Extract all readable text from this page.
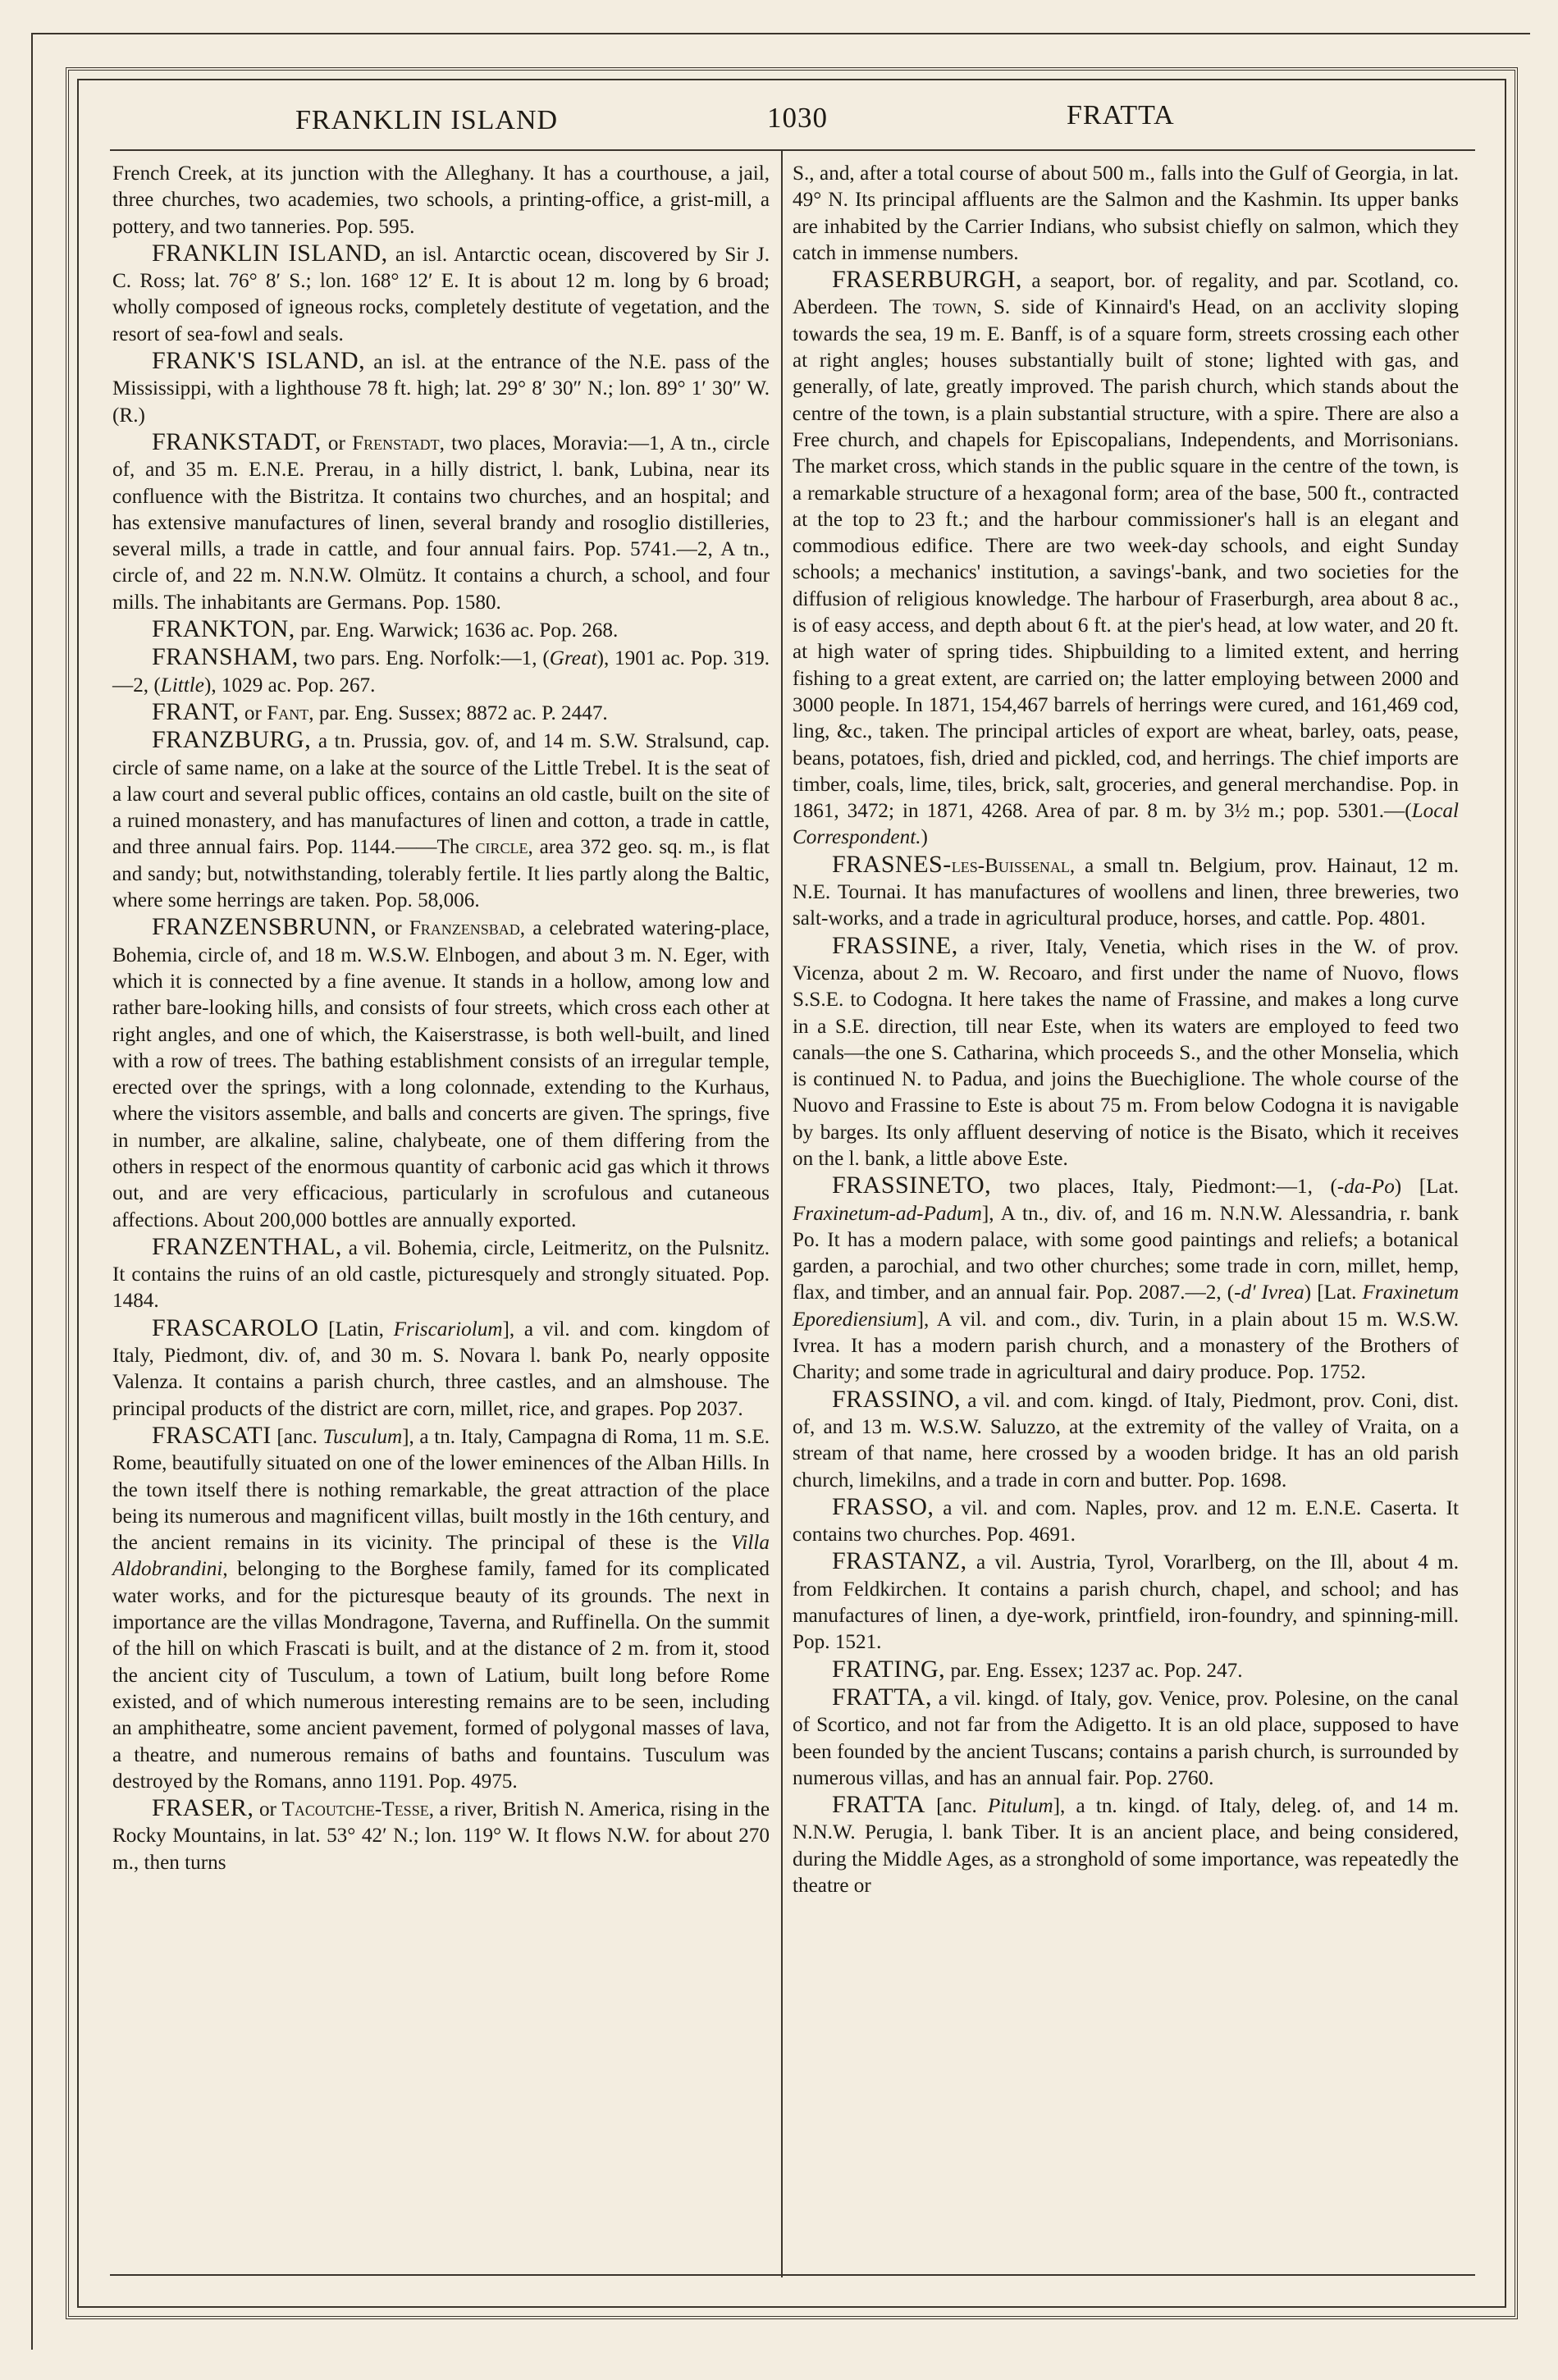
FRANKLIN ISLAND	1030	FRATTA

French Creek, at its junction with the Alleghany. It has a courthouse, a jail, three churches, two academies, two schools, a printing-office, a grist-mill, a pottery, and two tanneries. Pop. 595.

FRANKLIN ISLAND, an isl. Antarctic ocean, discovered by Sir J. C. Ross; lat. 76° 8′ S.; lon. 168° 12′ E. It is about 12 m. long by 6 broad; wholly composed of igneous rocks, completely destitute of vegetation, and the resort of sea-fowl and seals.

FRANK'S ISLAND, an isl. at the entrance of the N.E. pass of the Mississippi, with a lighthouse 78 ft. high; lat. 29° 8′ 30″ N.; lon. 89° 1′ 30″ W. (R.)

FRANKSTADT, or Frenstadt, two places, Moravia:—1, A tn., circle of, and 35 m. E.N.E. Prerau, in a hilly district, l. bank, Lubina, near its confluence with the Bistritza. It contains two churches, and an hospital; and has extensive manufactures of linen, several brandy and rosoglio distilleries, several mills, a trade in cattle, and four annual fairs. Pop. 5741.—2, A tn., circle of, and 22 m. N.N.W. Olmütz. It contains a church, a school, and four mills. The inhabitants are Germans. Pop. 1580.

FRANKTON, par. Eng. Warwick; 1636 ac. Pop. 268.

FRANSHAM, two pars. Eng. Norfolk:—1, (Great), 1901 ac. Pop. 319.—2, (Little), 1029 ac. Pop. 267.

FRANT, or Fant, par. Eng. Sussex; 8872 ac. P. 2447.

FRANZBURG, a tn. Prussia, gov. of, and 14 m. S.W. Stralsund, cap. circle of same name, on a lake at the source of the Little Trebel. It is the seat of a law court and several public offices, contains an old castle, built on the site of a ruined monastery, and has manufactures of linen and cotton, a trade in cattle, and three annual fairs. Pop. 1144.——The circle, area 372 geo. sq. m., is flat and sandy; but, notwithstanding, tolerably fertile. It lies partly along the Baltic, where some herrings are taken. Pop. 58,006.

FRANZENSBRUNN, or Franzensbad, a celebrated watering-place, Bohemia, circle of, and 18 m. W.S.W. Elnbogen, and about 3 m. N. Eger, with which it is connected by a fine avenue. It stands in a hollow, among low and rather bare-looking hills, and consists of four streets, which cross each other at right angles, and one of which, the Kaiserstrasse, is both well-built, and lined with a row of trees. The bathing establishment consists of an irregular temple, erected over the springs, with a long colonnade, extending to the Kurhaus, where the visitors assemble, and balls and concerts are given. The springs, five in number, are alkaline, saline, chalybeate, one of them differing from the others in respect of the enormous quantity of carbonic acid gas which it throws out, and are very efficacious, particularly in scrofulous and cutaneous affections. About 200,000 bottles are annually exported.

FRANZENTHAL, a vil. Bohemia, circle, Leitmeritz, on the Pulsnitz. It contains the ruins of an old castle, picturesquely and strongly situated. Pop. 1484.

FRASCAROLO [Latin, Friscariolum], a vil. and com. kingdom of Italy, Piedmont, div. of, and 30 m. S. Novara l. bank Po, nearly opposite Valenza. It contains a parish church, three castles, and an almshouse. The principal products of the district are corn, millet, rice, and grapes. Pop 2037.

FRASCATI [anc. Tusculum], a tn. Italy, Campagna di Roma, 11 m. S.E. Rome, beautifully situated on one of the lower eminences of the Alban Hills. In the town itself there is nothing remarkable, the great attraction of the place being its numerous and magnificent villas, built mostly in the 16th century, and the ancient remains in its vicinity. The principal of these is the Villa Aldobrandini, belonging to the Borghese family, famed for its complicated water works, and for the picturesque beauty of its grounds. The next in importance are the villas Mondragone, Taverna, and Ruffinella. On the summit of the hill on which Frascati is built, and at the distance of 2 m. from it, stood the ancient city of Tusculum, a town of Latium, built long before Rome existed, and of which numerous interesting remains are to be seen, including an amphitheatre, some ancient pavement, formed of polygonal masses of lava, a theatre, and numerous remains of baths and fountains. Tusculum was destroyed by the Romans, anno 1191. Pop. 4975.

FRASER, or Tacoutche-Tesse, a river, British N. America, rising in the Rocky Mountains, in lat. 53° 42′ N.; lon. 119° W. It flows N.W. for about 270 m., then turns

S., and, after a total course of about 500 m., falls into the Gulf of Georgia, in lat. 49° N. Its principal affluents are the Salmon and the Kashmin. Its upper banks are inhabited by the Carrier Indians, who subsist chiefly on salmon, which they catch in immense numbers.

FRASERBURGH, a seaport, bor. of regality, and par. Scotland, co. Aberdeen. The town, S. side of Kinnaird's Head, on an acclivity sloping towards the sea, 19 m. E. Banff, is of a square form, streets crossing each other at right angles; houses substantially built of stone; lighted with gas, and generally, of late, greatly improved. The parish church, which stands about the centre of the town, is a plain substantial structure, with a spire. There are also a Free church, and chapels for Episcopalians, Independents, and Morrisonians. The market cross, which stands in the public square in the centre of the town, is a remarkable structure of a hexagonal form; area of the base, 500 ft., contracted at the top to 23 ft.; and the harbour commissioner's hall is an elegant and commodious edifice. There are two week-day schools, and eight Sunday schools; a mechanics' institution, a savings'-bank, and two societies for the diffusion of religious knowledge. The harbour of Fraserburgh, area about 8 ac., is of easy access, and depth about 6 ft. at the pier's head, at low water, and 20 ft. at high water of spring tides. Shipbuilding to a limited extent, and herring fishing to a great extent, are carried on; the latter employing between 2000 and 3000 people. In 1871, 154,467 barrels of herrings were cured, and 161,469 cod, ling, &c., taken. The principal articles of export are wheat, barley, oats, pease, beans, potatoes, fish, dried and pickled, cod, and herrings. The chief imports are timber, coals, lime, tiles, brick, salt, groceries, and general merchandise. Pop. in 1861, 3472; in 1871, 4268. Area of par. 8 m. by 3½ m.; pop. 5301.—(Local Correspondent.)

FRASNES-les-Buissenal, a small tn. Belgium, prov. Hainaut, 12 m. N.E. Tournai. It has manufactures of woollens and linen, three breweries, two salt-works, and a trade in agricultural produce, horses, and cattle. Pop. 4801.

FRASSINE, a river, Italy, Venetia, which rises in the W. of prov. Vicenza, about 2 m. W. Recoaro, and first under the name of Nuovo, flows S.S.E. to Codogna. It here takes the name of Frassine, and makes a long curve in a S.E. direction, till near Este, when its waters are employed to feed two canals—the one S. Catharina, which proceeds S., and the other Monselia, which is continued N. to Padua, and joins the Buechiglione. The whole course of the Nuovo and Frassine to Este is about 75 m. From below Codogna it is navigable by barges. Its only affluent deserving of notice is the Bisato, which it receives on the l. bank, a little above Este.

FRASSINETO, two places, Italy, Piedmont:—1, (-da-Po) [Lat. Fraxinetum-ad-Padum], A tn., div. of, and 16 m. N.N.W. Alessandria, r. bank Po. It has a modern palace, with some good paintings and reliefs; a botanical garden, a parochial, and two other churches; some trade in corn, millet, hemp, flax, and timber, and an annual fair. Pop. 2087.—2, (-d' Ivrea) [Lat. Fraxinetum Eporediensium], A vil. and com., div. Turin, in a plain about 15 m. W.S.W. Ivrea. It has a modern parish church, and a monastery of the Brothers of Charity; and some trade in agricultural and dairy produce. Pop. 1752.

FRASSINO, a vil. and com. kingd. of Italy, Piedmont, prov. Coni, dist. of, and 13 m. W.S.W. Saluzzo, at the extremity of the valley of Vraita, on a stream of that name, here crossed by a wooden bridge. It has an old parish church, limekilns, and a trade in corn and butter. Pop. 1698.

FRASSO, a vil. and com. Naples, prov. and 12 m. E.N.E. Caserta. It contains two churches. Pop. 4691.

FRASTANZ, a vil. Austria, Tyrol, Vorarlberg, on the Ill, about 4 m. from Feldkirchen. It contains a parish church, chapel, and school; and has manufactures of linen, a dye-work, printfield, iron-foundry, and spinning-mill. Pop. 1521.

FRATING, par. Eng. Essex; 1237 ac. Pop. 247.

FRATTA, a vil. kingd. of Italy, gov. Venice, prov. Polesine, on the canal of Scortico, and not far from the Adigetto. It is an old place, supposed to have been founded by the ancient Tuscans; contains a parish church, is surrounded by numerous villas, and has an annual fair. Pop. 2760.

FRATTA [anc. Pitulum], a tn. kingd. of Italy, deleg. of, and 14 m. N.N.W. Perugia, l. bank Tiber. It is an ancient place, and being considered, during the Middle Ages, as a stronghold of some importance, was repeatedly the theatre or
